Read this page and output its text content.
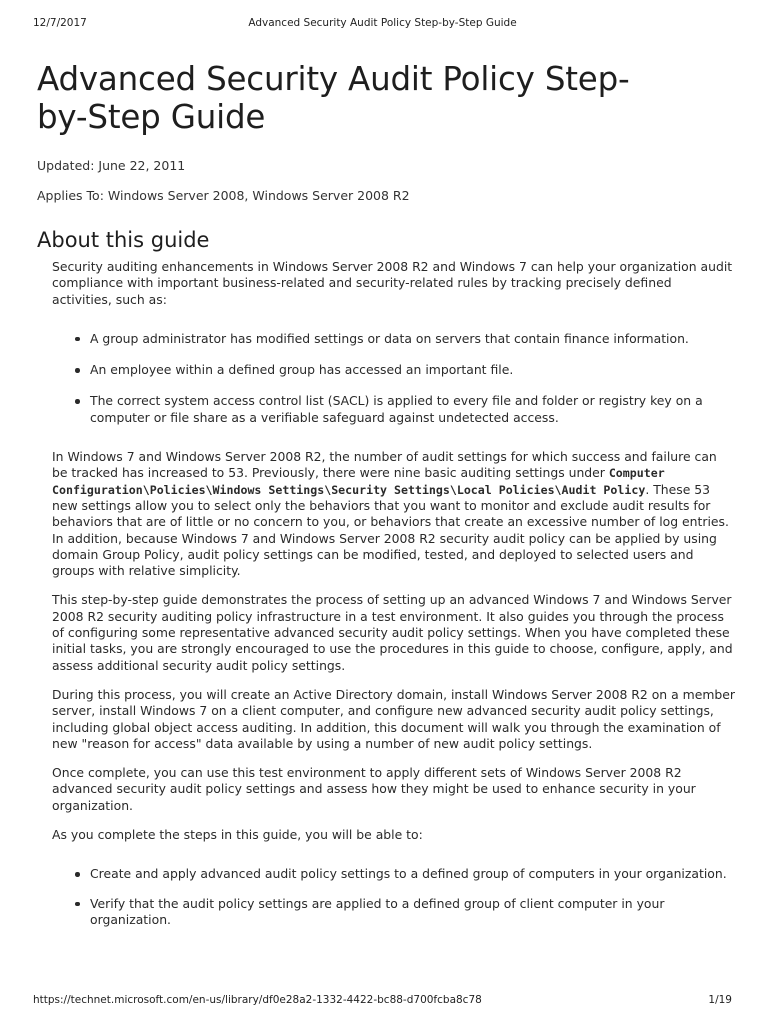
12/7/2017	Advanced Security Audit Policy Step-by-Step Guide
Advanced Security Audit Policy Step-
by-Step Guide

Updated: June 22, 2011

Applies To: Windows Server 2008, Windows Server 2008 R2

About this guide

Security auditing enhancements in Windows Server 2008 R2 and Windows 7 can help your organization audit compliance with important business-related and security-related rules by tracking precisely defined activities, such as:

A group administrator has modified settings or data on servers that contain finance information.
An employee within a defined group has accessed an important file.
The correct system access control list (SACL) is applied to every file and folder or registry key on a computer or file share as a verifiable safeguard against undetected access.

In Windows 7 and Windows Server 2008 R2, the number of audit settings for which success and failure can be tracked has increased to 53. Previously, there were nine basic auditing settings under Computer Configuration\Policies\Windows Settings\Security Settings\Local Policies\Audit Policy. These 53 new settings allow you to select only the behaviors that you want to monitor and exclude audit results for behaviors that are of little or no concern to you, or behaviors that create an excessive number of log entries. In addition, because Windows 7 and Windows Server 2008 R2 security audit policy can be applied by using domain Group Policy, audit policy settings can be modified, tested, and deployed to selected users and groups with relative simplicity.

This step-by-step guide demonstrates the process of setting up an advanced Windows 7 and Windows Server 2008 R2 security auditing policy infrastructure in a test environment. It also guides you through the process of configuring some representative advanced security audit policy settings. When you have completed these initial tasks, you are strongly encouraged to use the procedures in this guide to choose, configure, apply, and assess additional security audit policy settings.

During this process, you will create an Active Directory domain, install Windows Server 2008 R2 on a member server, install Windows 7 on a client computer, and configure new advanced security audit policy settings, including global object access auditing. In addition, this document will walk you through the examination of new "reason for access" data available by using a number of new audit policy settings.

Once complete, you can use this test environment to apply different sets of Windows Server 2008 R2 advanced security audit policy settings and assess how they might be used to enhance security in your organization.

As you complete the steps in this guide, you will be able to:

Create and apply advanced audit policy settings to a defined group of computers in your organization.
Verify that the audit policy settings are applied to a defined group of client computer in your organization.
https://technet.microsoft.com/en-us/library/df0e28a2-1332-4422-bc88-d700fcba8c78	1/19
